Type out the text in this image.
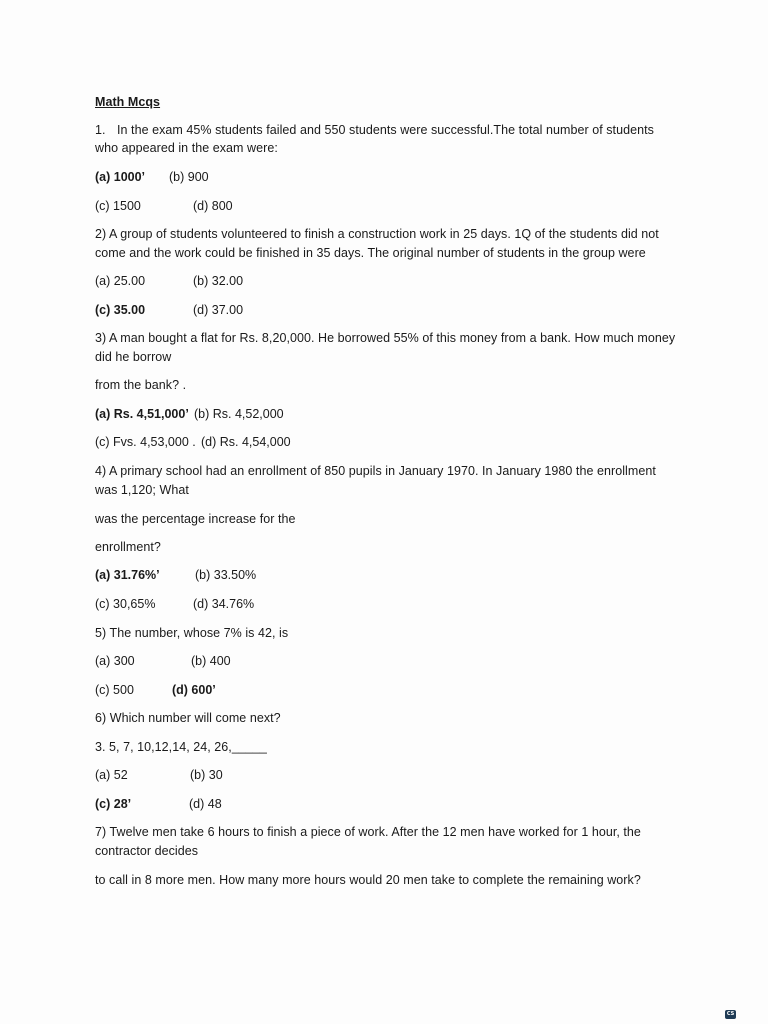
Math Mcqs
1. In the exam 45% students failed and 550 students were successful.The total number of students
who appeared in the exam were:
(a) 1000’ (b) 900
(c) 1500	(d) 800
2) A group of students volunteered to finish a construction work in 25 days. 1Q of the students did not
come and the work could be finished in 35 days. The original number of students in the group were
(a) 25.00	(b) 32.00
(c) 35.00	(d) 37.00
3) A man bought a flat for Rs. 8,20,000. He borrowed 55% of this money from a bank. How much money
did he borrow
from the bank? .
(a) Rs. 4,51,000’ (b) Rs. 4,52,000
(c) Fvs. 4,53,000 . (d) Rs. 4,54,000
4) A primary school had an enrollment of 850 pupils in January 1970. In January 1980 the enrollment
was 1,120; What
was the percentage increase for the
enrollment?
(a) 31.76%’	(b) 33.50%
(c) 30,65%	(d) 34.76%
5) The number, whose 7% is 42, is
(a) 300	(b) 400
(c) 500	(d) 600’
6) Which number will come next?
3. 5, 7, 10,12,14, 24, 26,_____
(a) 52	(b) 30
(c) 28’	(d) 48
7) Twelve men take 6 hours to finish a piece of work. After the 12 men have worked for 1 hour, the
contractor decides
to call in 8 more men. How many more hours would 20 men take to complete the remaining work?
CS
